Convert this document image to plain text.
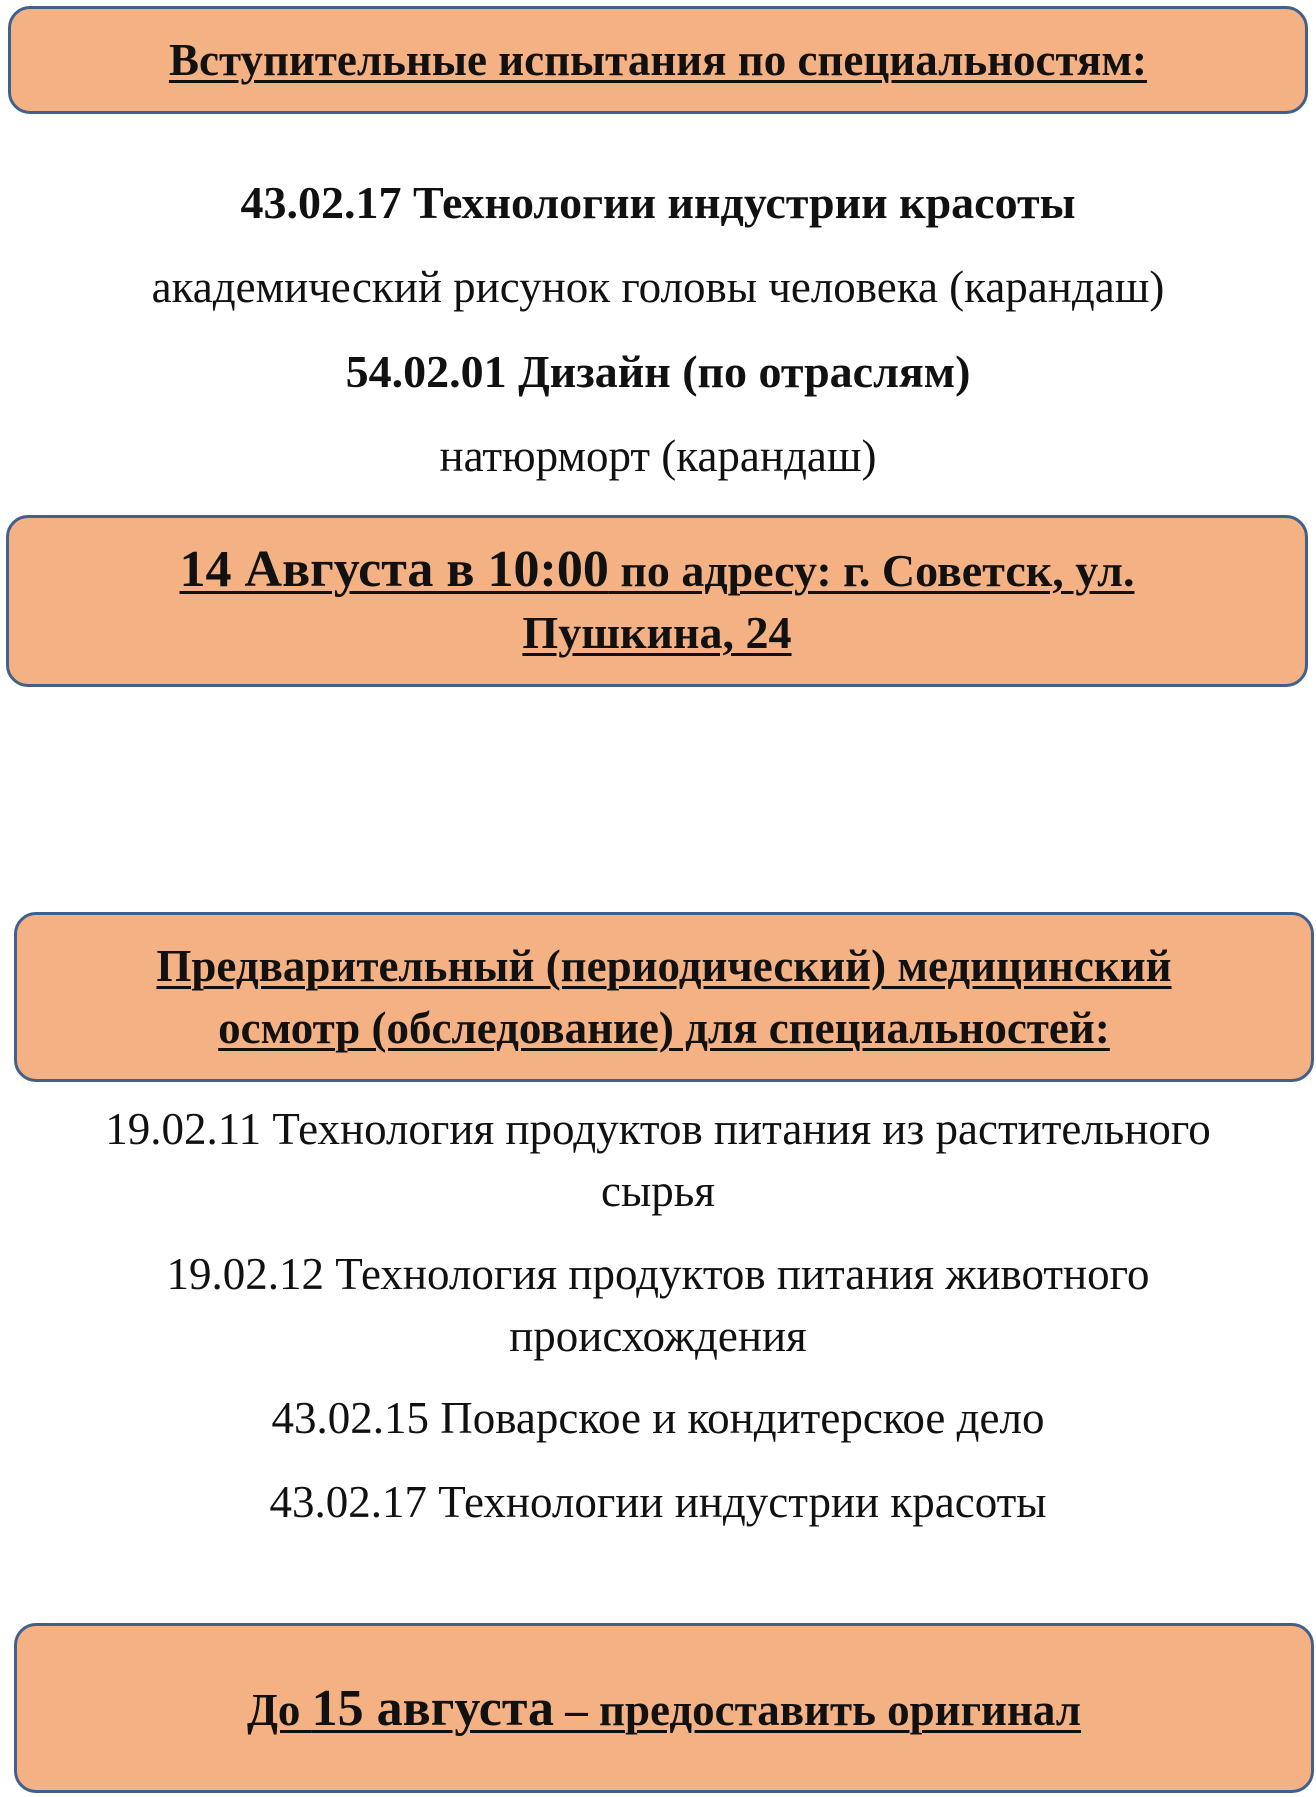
Вступительные испытания по специальностям:
43.02.17 Технологии индустрии красоты
академический рисунок головы человека (карандаш)
54.02.01 Дизайн (по отраслям)
натюрморт (карандаш)
14 Августа в 10:00 по адресу: г. Советск, ул.
Пушкина, 24
Предварительный (периодический) медицинский
осмотр (обследование) для специальностей:
19.02.11 Технология продуктов питания из растительного
сырья
19.02.12 Технология продуктов питания животного
происхождения
43.02.15 Поварское и кондитерское дело
43.02.17 Технологии индустрии красоты
До 15 августа – предоставить оригинал
